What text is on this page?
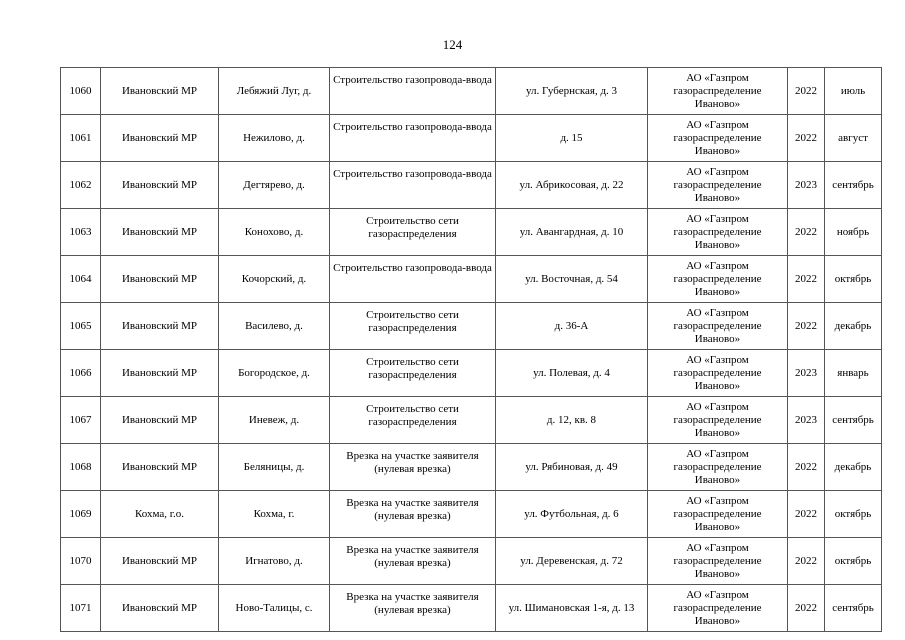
124
1060	Ивановский МР	Лебяжий Луг, д.	Строительство газопровода-ввода	ул. Губернская, д. 3	АО «Газпром газораспределение Иваново»	2022	июль
1061	Ивановский МР	Нежилово, д.	Строительство газопровода-ввода	д. 15	АО «Газпром газораспределение Иваново»	2022	август
1062	Ивановский МР	Дегтярево, д.	Строительство газопровода-ввода	ул. Абрикосовая, д. 22	АО «Газпром газораспределение Иваново»	2023	сентябрь
1063	Ивановский МР	Конохово, д.	Строительство сети газораспределения	ул. Авангардная, д. 10	АО «Газпром газораспределение Иваново»	2022	ноябрь
1064	Ивановский МР	Кочорский, д.	Строительство газопровода-ввода	ул. Восточная, д. 54	АО «Газпром газораспределение Иваново»	2022	октябрь
1065	Ивановский МР	Василево, д.	Строительство сети газораспределения	д. 36-А	АО «Газпром газораспределение Иваново»	2022	декабрь
1066	Ивановский МР	Богородское, д.	Строительство сети газораспределения	ул. Полевая, д. 4	АО «Газпром газораспределение Иваново»	2023	январь
1067	Ивановский МР	Иневеж, д.	Строительство сети газораспределения	д. 12, кв. 8	АО «Газпром газораспределение Иваново»	2023	сентябрь
1068	Ивановский МР	Беляницы, д.	Врезка на участке заявителя (нулевая врезка)	ул. Рябиновая, д. 49	АО «Газпром газораспределение Иваново»	2022	декабрь
1069	Кохма, г.о.	Кохма, г.	Врезка на участке заявителя (нулевая врезка)	ул. Футбольная, д. 6	АО «Газпром газораспределение Иваново»	2022	октябрь
1070	Ивановский МР	Игнатово, д.	Врезка на участке заявителя (нулевая врезка)	ул. Деревенская, д. 72	АО «Газпром газораспределение Иваново»	2022	октябрь
1071	Ивановский МР	Ново-Талицы, с.	Врезка на участке заявителя (нулевая врезка)	ул. Шимановская 1-я, д. 13	АО «Газпром газораспределение Иваново»	2022	сентябрь
